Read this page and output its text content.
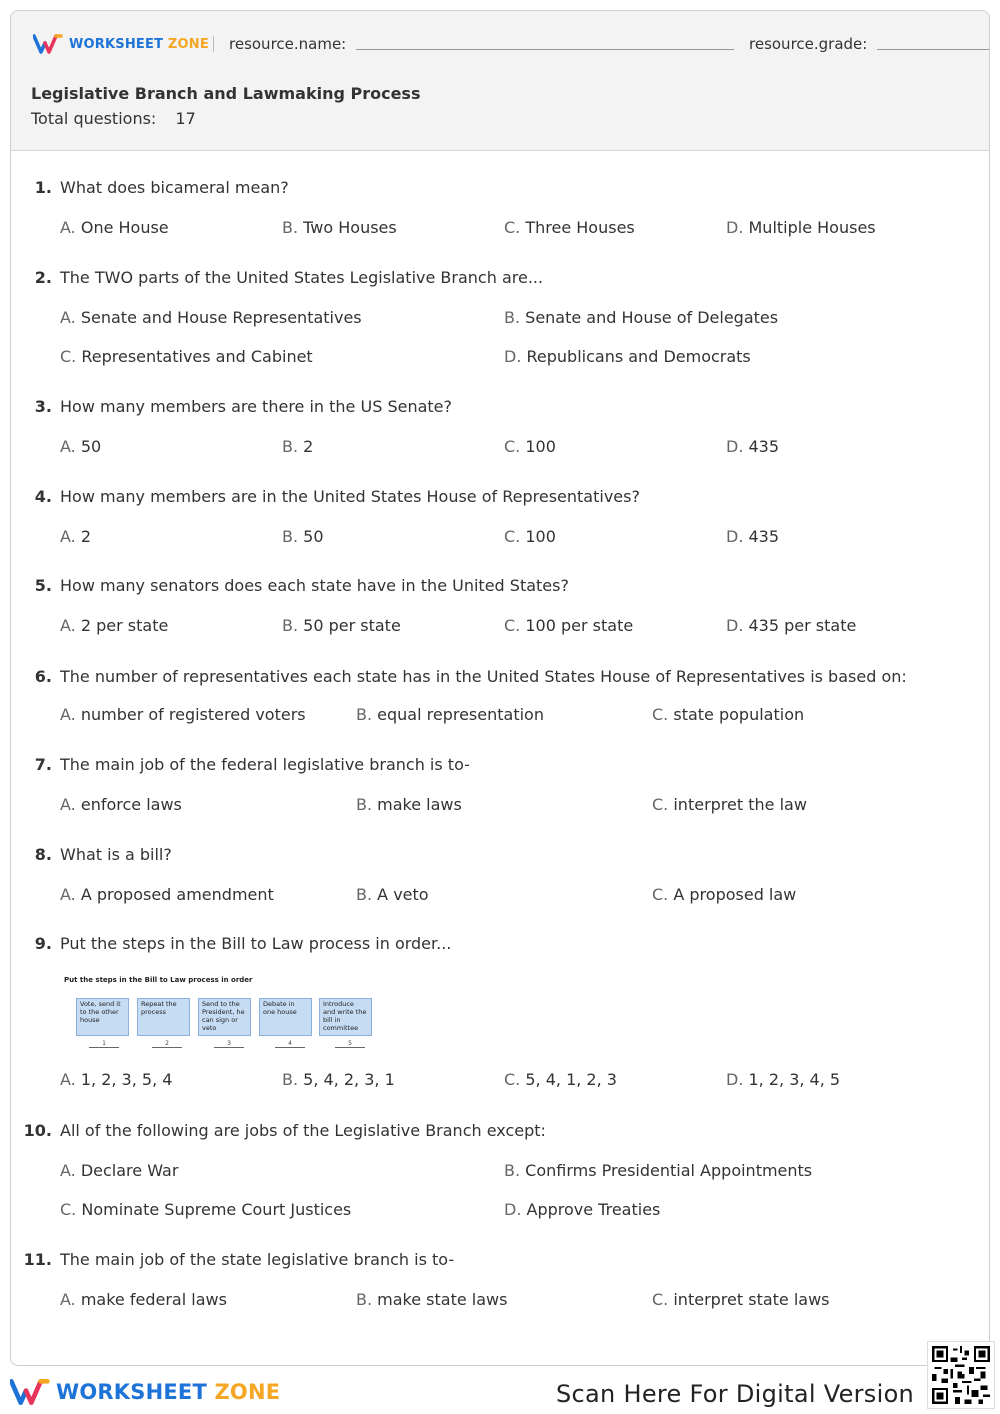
WORKSHEET
ZONE resource.name:	resource.grade:
Legislative Branch and Lawmaking Process
Total questions: 17
1. What does bicameral mean?
A. One House	B. Two Houses	C. Three Houses	D. Multiple Houses
2. The TWO parts of the United States Legislative Branch are...
A. Senate and House Representatives	B. Senate and House of Delegates
C. Representatives and Cabinet	D. Republicans and Democrats
3. How many members are there in the US Senate?
A. 50	B. 2	C. 100	D. 435
4. How many members are in the United States House of Representatives?
A. 2	B. 50	C. 100	D. 435
5. How many senators does each state have in the United States?
A. 2 per state	B. 50 per state	C. 100 per state	D. 435 per state
6. The number of representatives each state has in the United States House of Representatives is based on:
A. number of registered voters	B. equal representation	C. state population
7. The main job of the federal legislative branch is to-
A. enforce laws	B. make laws	C. interpret the law
8. What is a bill?
A. A proposed amendment	B. A veto	C. A proposed law
9. Put the steps in the Bill to Law process in order...
A. 1, 2, 3, 5, 4	B. 5, 4, 2, 3, 1	C. 5, 4, 1, 2, 3	D. 1, 2, 3, 4, 5
10. All of the following are jobs of the Legislative Branch except:
A. Declare War	B. Confirms Presidential Appointments
C. Nominate Supreme Court Justices	D. Approve Treaties
11. The main job of the state legislative branch is to-
A. make federal laws	B. make state laws	C. interpret state laws
Put the steps in the Bill to Law process in order
Vote, send it to the other house
Repeat the process
Send to the President, he can sign or veto
Debate in one house
Introduce and write the bill in committee
1	2	3	4	5
WORKSHEET
ZONE	Scan Here For Digital Version
